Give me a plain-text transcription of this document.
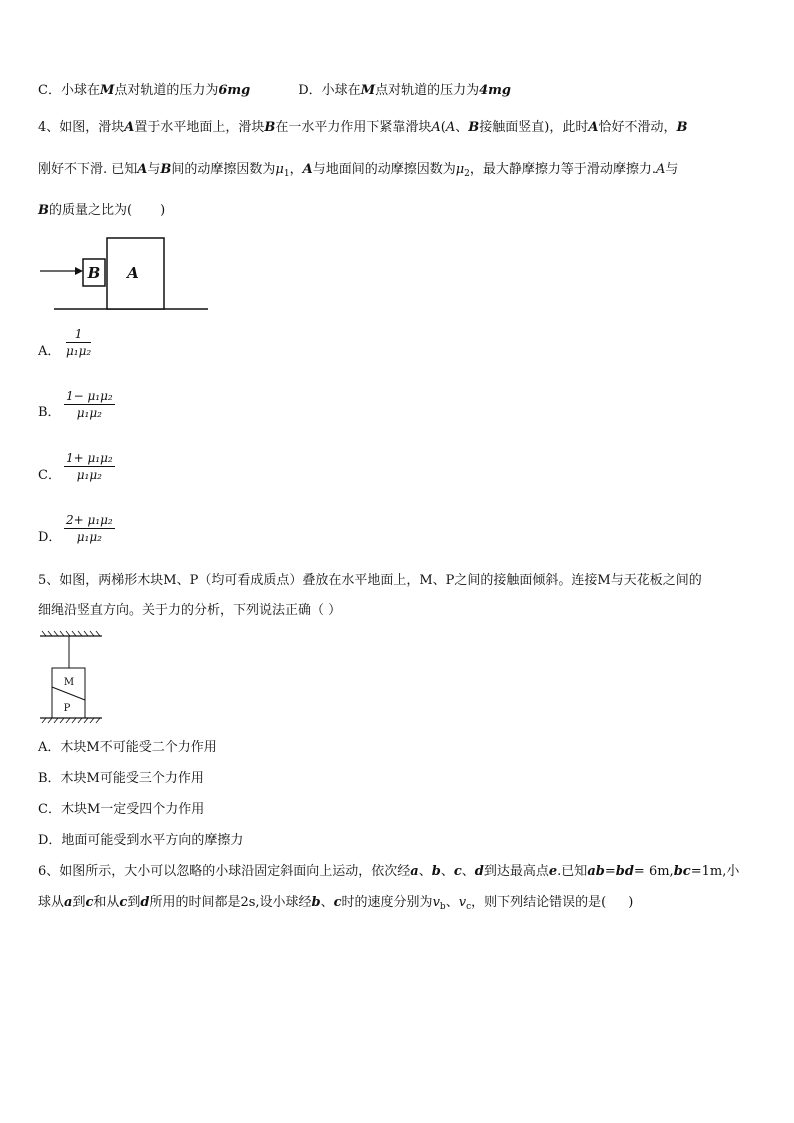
C．小球在M点对轨道的压力为6mg	D．小球在M点对轨道的压力为4mg
4、如图，滑块A置于水平地面上，滑块B在一水平力作用下紧靠滑块A(A、B接触面竖直)，此时A恰好不滑动，B
刚好不下滑. 已知A与B间的动摩擦因数为$\mu_1$，A与地面间的动摩擦因数为$\mu_2$，最大静摩擦力等于滑动摩擦力.A与
B的质量之比为( )
B A
A．
1
μ₁μ₂
B．
1− μ₁μ₂
μ₁μ₂
C．
1+ μ₁μ₂
μ₁μ₂
D．
2+ μ₁μ₂
μ₁μ₂
5、如图，两梯形木块M、P（均可看成质点）叠放在水平地面上，M、P之间的接触面倾斜。连接M与天花板之间的
细绳沿竖直方向。关于力的分析，下列说法正确（ ）
M
P
A．木块M不可能受二个力作用
B．木块M可能受三个力作用
C．木块M一定受四个力作用
D．地面可能受到水平方向的摩擦力
6、如图所示，大小可以忽略的小球沿固定斜面向上运动，依次经a、b、c、d到达最高点e.已知ab=bd= 6m,bc=1m,小
球从a到c和从c到d所用的时间都是2s,设小球经b、c时的速度分别为$v_b$、$v_c$，则下列结论错误的是( )
